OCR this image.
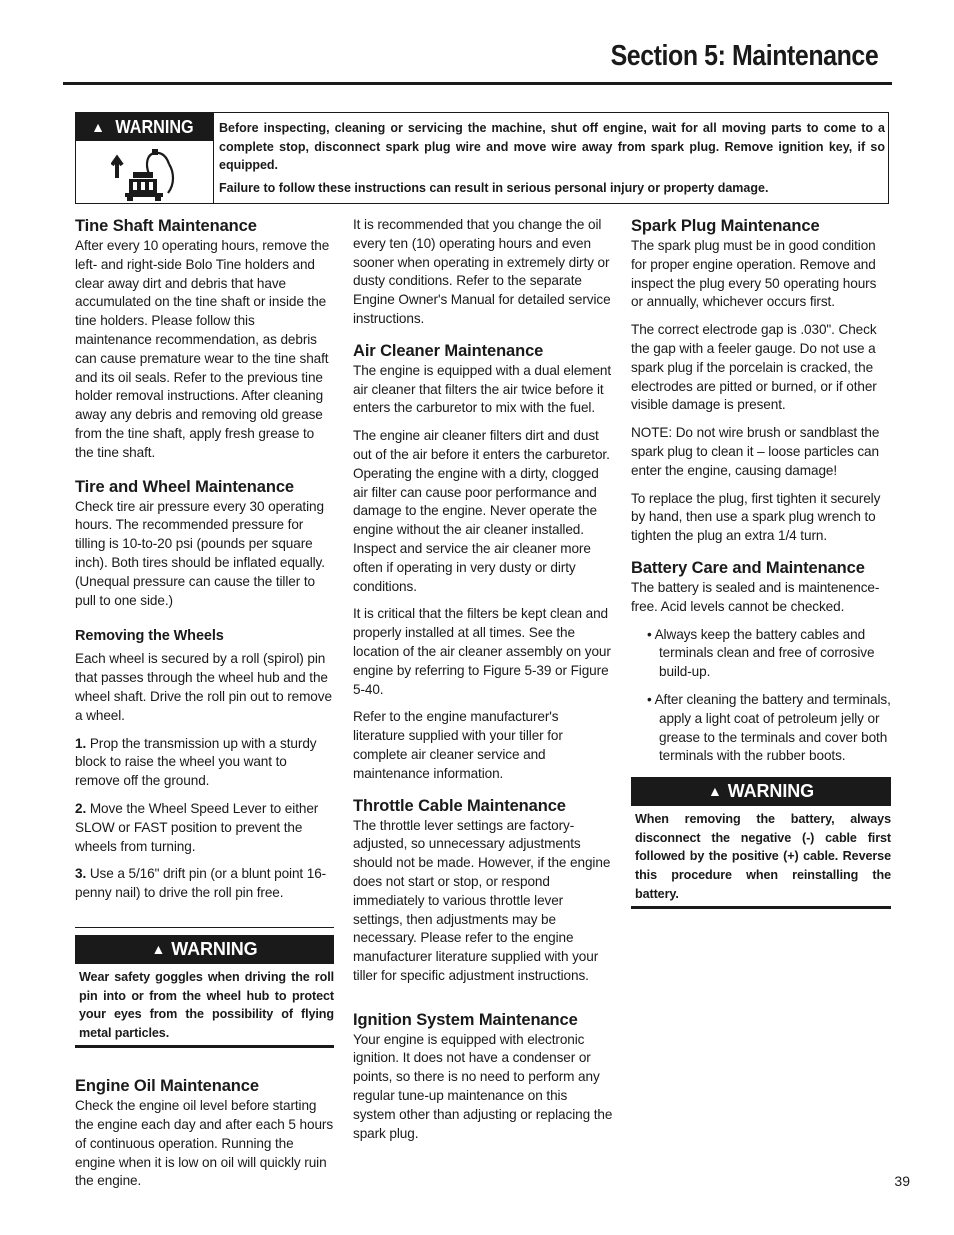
Section 5: Maintenance
▲ WARNING Before inspecting, cleaning or servicing the machine, shut off engine, wait for all moving parts to come to a complete stop, disconnect spark plug wire and move wire away from spark plug. Remove ignition key, if so equipped.

Failure to follow these instructions can result in serious personal injury or property damage.

Tine Shaft Maintenance

After every 10 operating hours, remove the left- and right-side Bolo Tine holders and clear away dirt and debris that have accumulated on the tine shaft or inside the tine holders. Please follow this maintenance recommendation, as debris can cause premature wear to the tine shaft and its oil seals. Refer to the previous tine holder removal instructions. After cleaning away any debris and removing old grease from the tine shaft, apply fresh grease to the tine shaft.

Tire and Wheel Maintenance

Check tire air pressure every 30 operating hours. The recommended pressure for tilling is 10-to-20 psi (pounds per square inch). Both tires should be inflated equally. (Unequal pressure can cause the tiller to pull to one side.)

Removing the Wheels

Each wheel is secured by a roll (spirol) pin that passes through the wheel hub and the wheel shaft. Drive the roll pin out to remove a wheel.

1. Prop the transmission up with a sturdy block to raise the wheel you want to remove off the ground.

2. Move the Wheel Speed Lever to either SLOW or FAST position to prevent the wheels from turning.

3. Use a 5/16" drift pin (or a blunt point 16-penny nail) to drive the roll pin free.

▲ WARNING
Wear safety goggles when driving the roll pin into or from the wheel hub to protect your eyes from the possibility of flying metal particles.
Engine Oil Maintenance

Check the engine oil level before starting the engine each day and after each 5 hours of continuous operation. Running the engine when it is low on oil will quickly ruin the engine.

It is recommended that you change the oil every ten (10) operating hours and even sooner when operating in extremely dirty or dusty conditions. Refer to the separate Engine Owner's Manual for detailed service instructions.

Air Cleaner Maintenance

The engine is equipped with a dual element air cleaner that filters the air twice before it enters the carburetor to mix with the fuel.

The engine air cleaner filters dirt and dust out of the air before it enters the carburetor. Operating the engine with a dirty, clogged air filter can cause poor performance and damage to the engine. Never operate the engine without the air cleaner installed. Inspect and service the air cleaner more often if operating in very dusty or dirty conditions.

It is critical that the filters be kept clean and properly installed at all times. See the location of the air cleaner assembly on your engine by referring to Figure 5-39 or Figure 5-40.

Refer to the engine manufacturer's literature supplied with your tiller for complete air cleaner service and maintenance information.

Throttle Cable Maintenance

The throttle lever settings are factory-adjusted, so unnecessary adjustments should not be made. However, if the engine does not start or stop, or respond immediately to various throttle lever settings, then adjustments may be necessary. Please refer to the engine manufacturer literature supplied with your tiller for specific adjustment instructions.

Ignition System Maintenance

Your engine is equipped with electronic ignition. It does not have a condenser or points, so there is no need to perform any regular tune-up maintenance on this system other than adjusting or replacing the spark plug.

Spark Plug Maintenance

The spark plug must be in good condition for proper engine operation. Remove and inspect the plug every 50 operating hours or annually, whichever occurs first.

The correct electrode gap is .030". Check the gap with a feeler gauge. Do not use a spark plug if the porcelain is cracked, the electrodes are pitted or burned, or if other visible damage is present.

NOTE: Do not wire brush or sandblast the spark plug to clean it – loose particles can enter the engine, causing damage!

To replace the plug, first tighten it securely by hand, then use a spark plug wrench to tighten the plug an extra 1/4 turn.

Battery Care and Maintenance

The battery is sealed and is maintenence-free. Acid levels cannot be checked.

• Always keep the battery cables and terminals clean and free of corrosive build-up.

• After cleaning the battery and terminals, apply a light coat of petroleum jelly or grease to the terminals and cover both terminals with the rubber boots.

▲ WARNING
When removing the battery, always disconnect the negative (-) cable first followed by the positive (+) cable. Reverse this procedure when reinstalling the battery.
39
